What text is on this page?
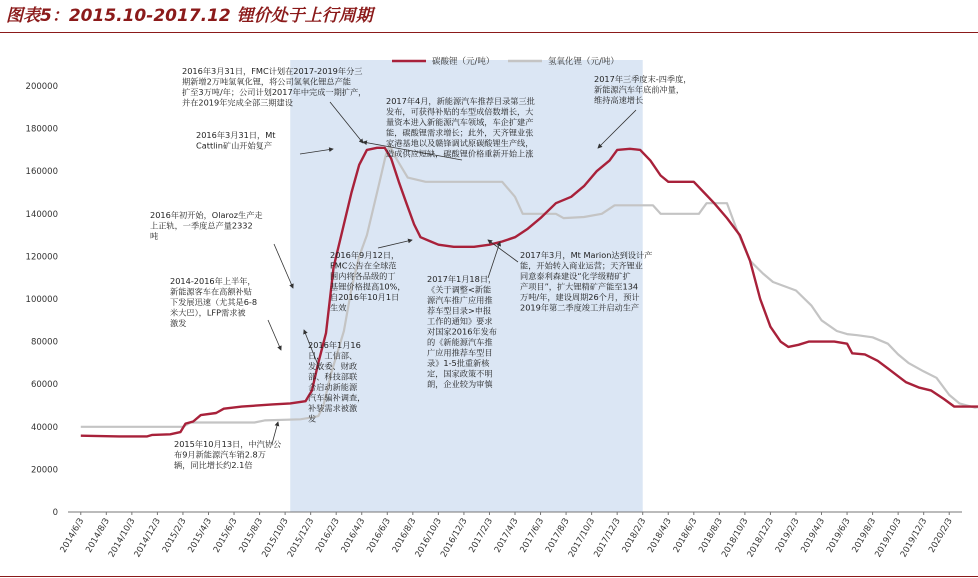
图表5：2015.10-2017.12 锂价处于上行周期
0
20000
40000
60000
80000
100000
120000
140000
160000
180000
200000
2014/6/3
2014/8/3
2014/10/3
2014/12/3
2015/2/3
2015/4/3
2015/6/3
2015/8/3
2015/10/3
2015/12/3
2016/2/3
2016/4/3
2016/6/3
2016/8/3
2016/10/3
2016/12/3
2017/2/3
2017/4/3
2017/6/3
2017/8/3
2017/10/3
2017/12/3
2018/2/3
2018/4/3
2018/6/3
2018/8/3
2018/10/3
2018/12/3
2019/2/3
2019/4/3
2019/6/3
2019/8/3
2019/10/3
2019/12/3
2020/2/3
2016年3月31日，FMC计划在2017-2019年分三期新增2万吨氢氧化锂，将公司氢氧化锂总产能扩至3万吨/年；公司计划2017年中完成一期扩产，并在2019年完成全部三期建设
2016年3月31日，Mt Cattlin矿山开始复产
2017年4月，新能源汽车推荐目录第三批发布，可获得补贴的车型成倍数增长，大量资本进入新能源汽车领域，车企扩建产能，碳酸锂需求增长；此外，天齐锂业张家港基地以及赣锋调试原碳酸锂生产线，造成供应短缺，碳酸锂价格重新开始上涨
2017年三季度末-四季度，新能源汽车年底前冲量，维持高速增长
2016年初开始，Olaroz生产走上正轨，一季度总产量2332 吨
2016年9月12日， FMC公告在全球范围内将各品级的丁基锂价格提高10%，自2016年10月1日生效
2014-2016年上半年，新能源客车在高额补贴下发展迅速（尤其是6-8 米大巴），LFP需求被激发
2016年1月16 日，工信部、发改委、财政部、科技部联合启动新能源汽车骗补调查，补装需求被激发
2017年1月18日，《关于调整<新能源汽车推广应用推荐车型目录>申报工作的通知》要求对国家2016年发布的《新能源汽车推广应用推荐车型目录》1-5批重新核定，国家政策不明朗，企业较为审慎
2017年3月，Mt Marion达到设计产能，开始转入商业运营；天齐锂业同意泰利森建设“化学级精矿扩产项目”，扩大锂精矿产能至134 万吨/年，建设周期26个月，预计 2019年第二季度竣工并启动生产
2015年10月13日，中汽协公布9月新能源汽车销2.8万辆，同比增长约2.1倍
碳酸锂（元/吨）	氢氧化锂（元/吨）
